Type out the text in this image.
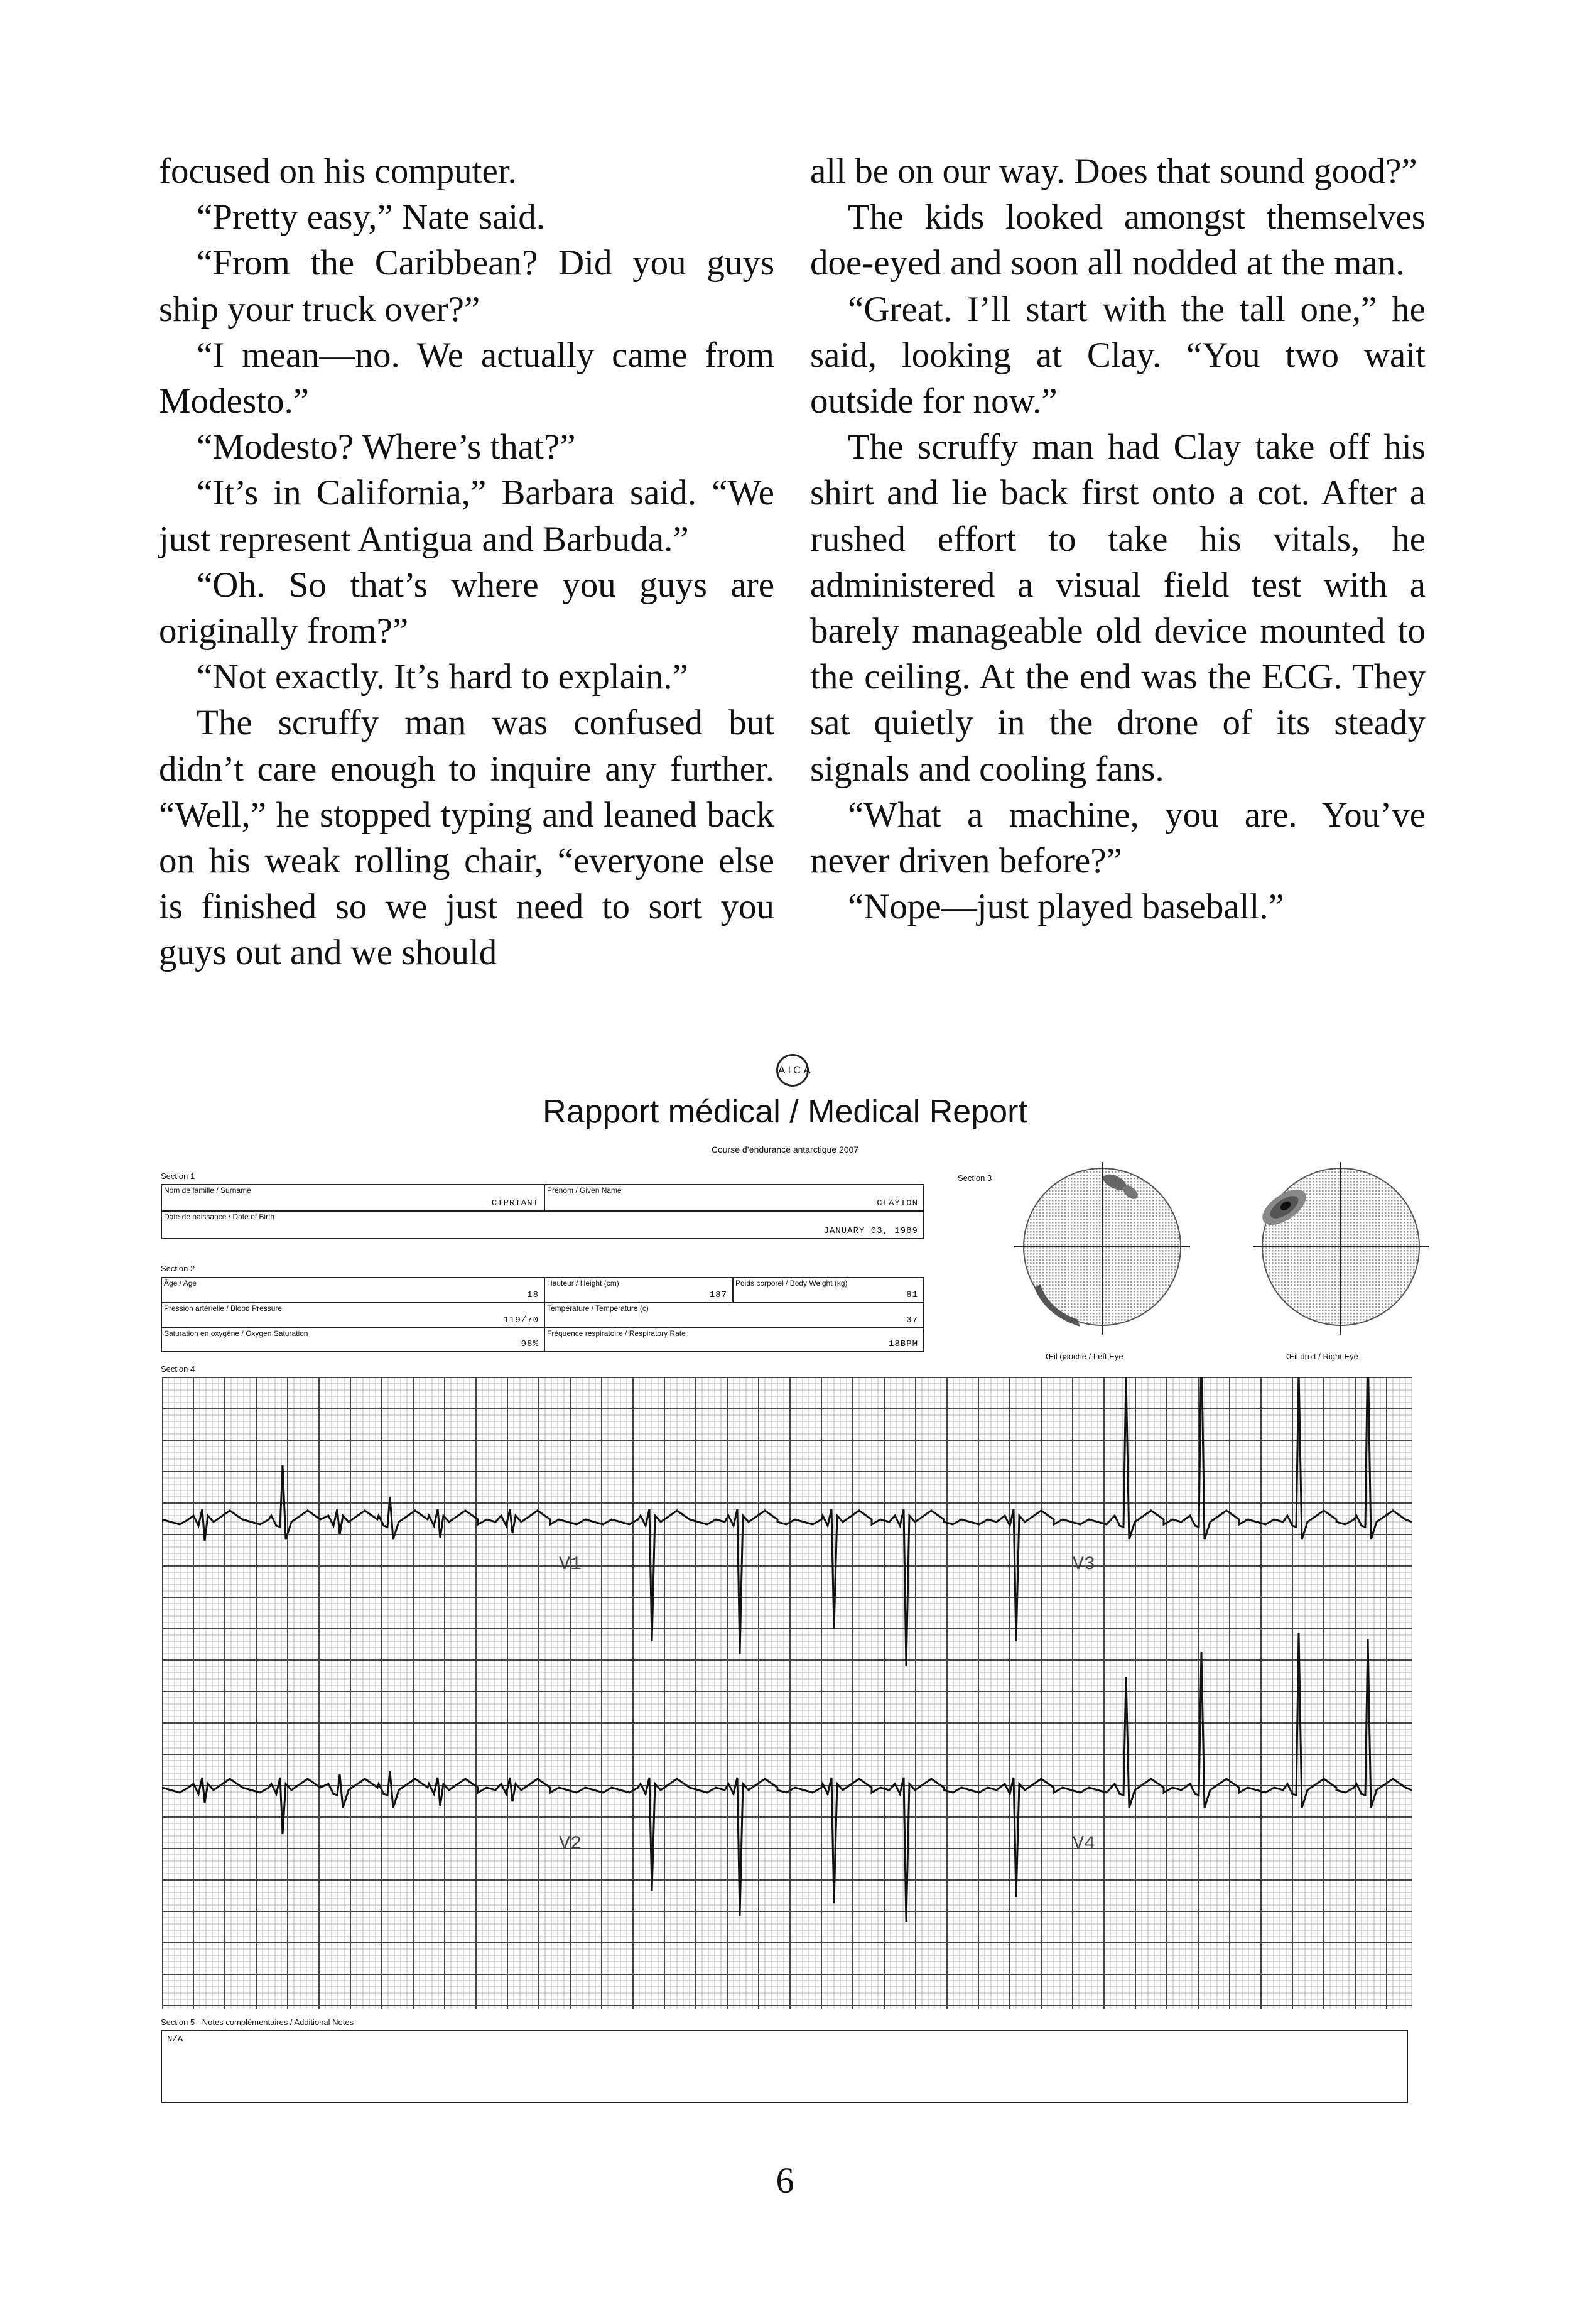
focused on his computer.

“Pretty easy,” Nate said.

“From the Caribbean? Did you guys ship your truck over?”

“I mean—no. We actually came from Modesto.”

“Modesto? Where’s that?”

“It’s in California,” Barbara said. “We just represent Antigua and Barbuda.”

“Oh. So that’s where you guys are originally from?”

“Not exactly. It’s hard to explain.”

The scruffy man was confused but didn’t care enough to inquire any further. “Well,” he stopped typing and leaned back on his weak rolling chair, “everyone else is finished so we just need to sort you guys out and we should

all be on our way. Does that sound good?”

The kids looked amongst themselves doe-eyed and soon all nodded at the man.

“Great. I’ll start with the tall one,” he said, looking at Clay. “You two wait outside for now.”

The scruffy man had Clay take off his shirt and lie back first onto a cot. After a rushed effort to take his vitals, he administered a visual field test with a barely manageable old device mounted to the ceiling. At the end was the ECG. They sat quietly in the drone of its steady signals and cooling fans.

“What a machine, you are. You’ve never driven before?”

“Nope—just played baseball.”

AICA
Rapport médical / Medical Report
Course d’endurance antarctique 2007
Section 1
Nom de famille / Surname
CIPRIANI
Prénom / Given Name
CLAYTON
Date de naissance / Date of Birth
JANUARY 03, 1989
Section 2
Âge / Age
18
Hauteur / Height (cm)
187
Poids corporel / Body Weight (kg)
81
Pression artérielle / Blood Pressure
119/70
Température / Temperature (c)
37
Saturation en oxygène / Oxygen Saturation
98%
Fréquence respiratoire / Respiratory Rate
18BPM
Section 3
Œil gauche / Left Eye	Œil droit / Right Eye
Section 4
V1	V3
V2	V4
Section 5 - Notes complémentaires / Additional Notes
N/A
6
